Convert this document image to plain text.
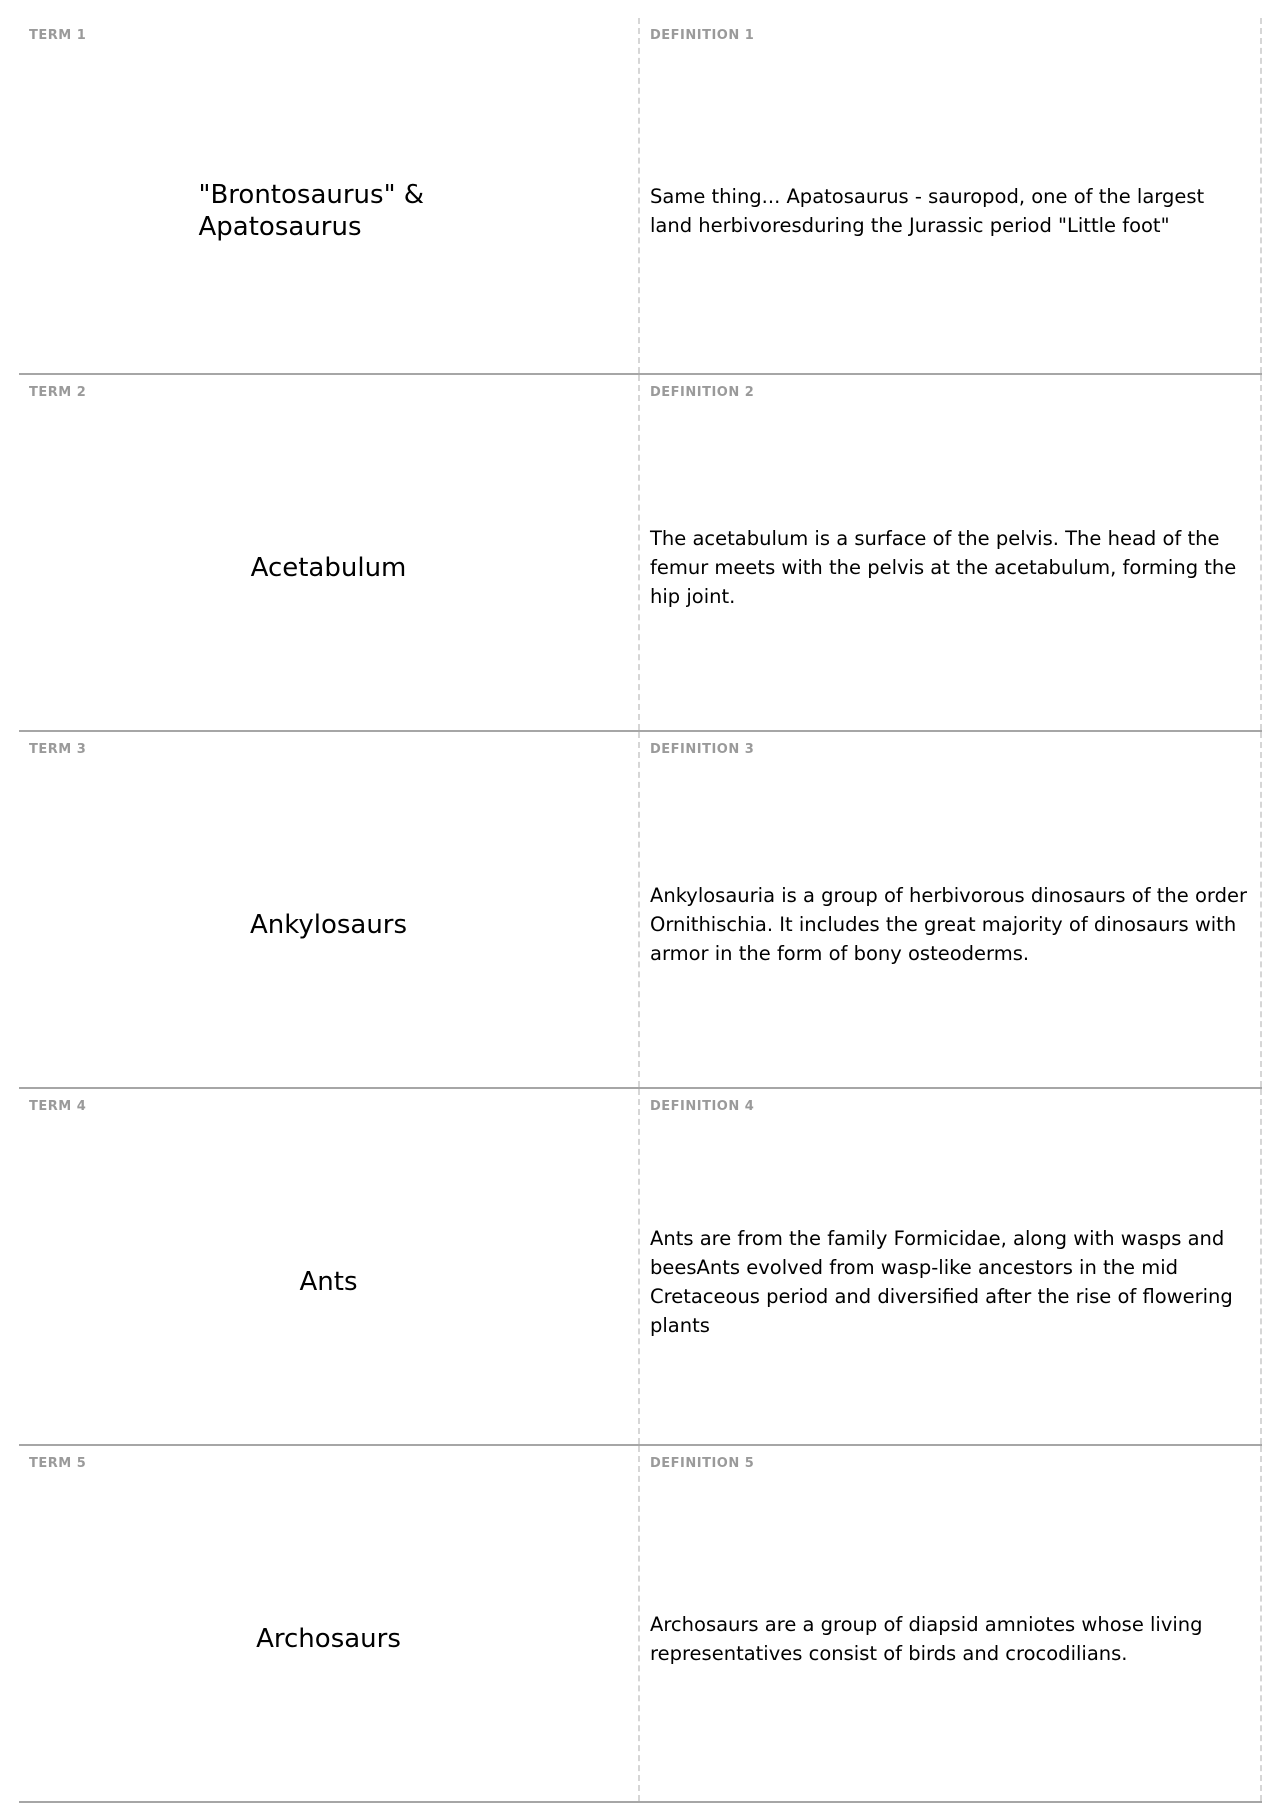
TERM 1
"Brontosaurus" & Apatosaurus
DEFINITION 1
Same thing... Apatosaurus - sauropod, one of the largest land herbivoresduring the Jurassic period "Little foot"
TERM 2
Acetabulum
DEFINITION 2
The acetabulum is a surface of the pelvis. The head of the femur meets with the pelvis at the acetabulum, forming the hip joint.
TERM 3
Ankylosaurs
DEFINITION 3
Ankylosauria is a group of herbivorous dinosaurs of the order Ornithischia. It includes the great majority of dinosaurs with armor in the form of bony osteoderms.
TERM 4
Ants
DEFINITION 4
Ants are from the family Formicidae, along with wasps and beesAnts evolved from wasp-like ancestors in the mid Cretaceous period and diversified after the rise of flowering plants
TERM 5
Archosaurs
DEFINITION 5
Archosaurs are a group of diapsid amniotes whose living representatives consist of birds and crocodilians.
